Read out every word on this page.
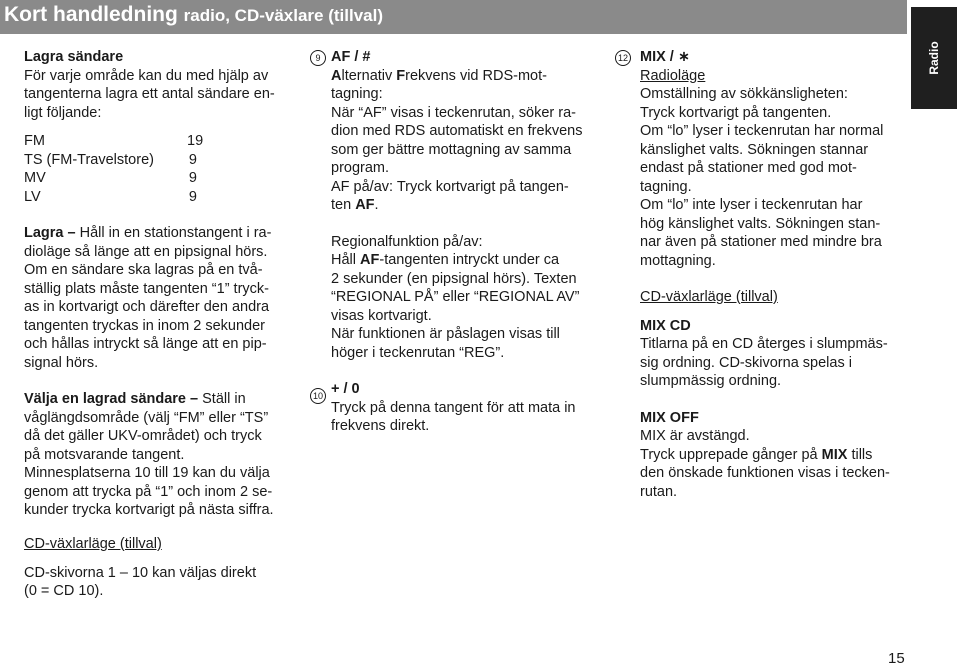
Kort handledning radio, CD-växlare (tillval)
Radio

Lagra sändare

För varje område kan du med hjälp av

tangenterna lagra ett antal sändare en-

ligt följande:

FM	19
TS (FM-Travelstore)	9
MV	9
LV	9

Lagra – Håll in en stationstangent i ra-

dioläge så länge att en pipsignal hörs.

Om en sändare ska lagras på en två-

ställig plats måste tangenten “1” tryck-

as in kortvarigt och därefter den andra

tangenten tryckas in inom 2 sekunder

och hållas intryckt så länge att en pip-

signal hörs.

Välja en lagrad sändare – Ställ in

våglängdsområde (välj “FM” eller “TS”

då det gäller UKV-området) och tryck

på motsvarande tangent.

Minnesplatserna 10 till 19 kan du välja

genom att trycka på “1” och inom 2 se-

kunder trycka kortvarigt på nästa siffra.

9
10

AF / #

Alternativ Frekvens vid RDS-mot-

tagning:

När “AF” visas i teckenrutan, söker ra-

dion med RDS automatiskt en frekvens

som ger bättre mottagning av samma

program.

AF på/av: Tryck kortvarigt på tangen-

ten AF.

Regionalfunktion på/av:

Håll AF-tangenten intryckt under ca

2 sekunder (en pipsignal hörs). Texten

“REGIONAL PÅ” eller “REGIONAL AV”

visas kortvarigt.

När funktionen är påslagen visas till

höger i teckenrutan “REG”.

+ / 0

Tryck på denna tangent för att mata in

frekvens direkt.

12 MIX / ∗

Radioläge

Omställning av sökkänsligheten:

Tryck kortvarigt på tangenten.

Om “lo” lyser i teckenrutan har normal

känslighet valts. Sökningen stannar

endast på stationer med god mot-

tagning.

Om “lo” inte lyser i teckenrutan har

hög känslighet valts. Sökningen stan-

nar även på stationer med mindre bra

mottagning.

CD-växlarläge (tillval)

MIX CD

Titlarna på en CD återges i slumpmäs-

sig ordning. CD-skivorna spelas i

slumpmässig ordning.

MIX OFF

MIX är avstängd.

Tryck upprepade gånger på MIX tills

den önskade funktionen visas i tecken-

rutan.

CD-växlarläge (tillval)

CD-skivorna 1 – 10 kan väljas direkt

(0 = CD 10).

15
